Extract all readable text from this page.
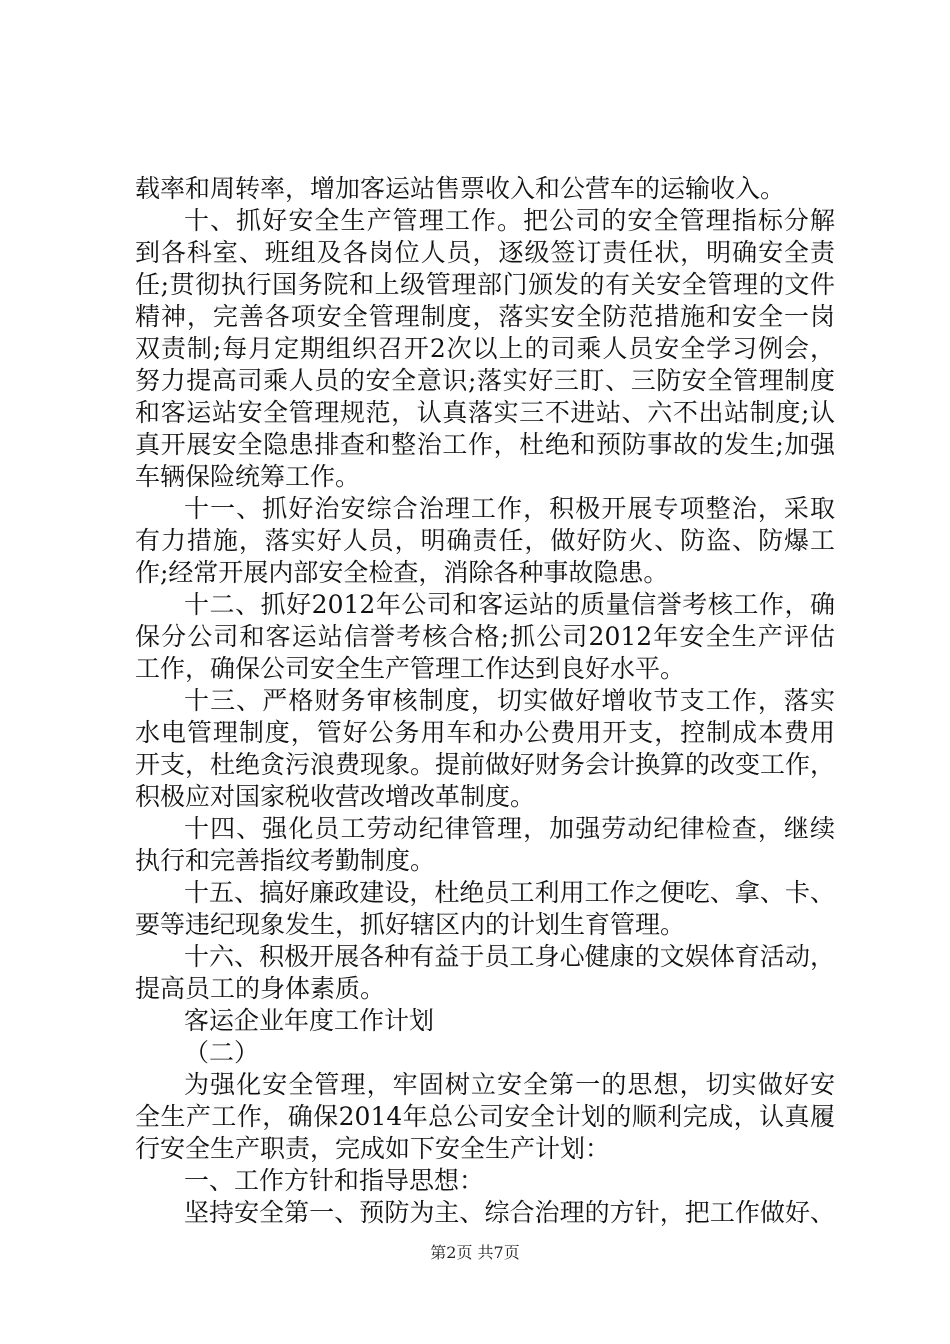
载率和周转率，增加客运站售票收入和公营车的运输收入。
十、抓好安全生产管理工作。把公司的安全管理指标分解
到各科室、班组及各岗位人员，逐级签订责任状，明确安全责
任;贯彻执行国务院和上级管理部门颁发的有关安全管理的文件
精神，完善各项安全管理制度，落实安全防范措施和安全一岗
双责制;每月定期组织召开2次以上的司乘人员安全学习例会，
努力提高司乘人员的安全意识;落实好三盯、三防安全管理制度
和客运站安全管理规范，认真落实三不进站、六不出站制度;认
真开展安全隐患排查和整治工作，杜绝和预防事故的发生;加强
车辆保险统筹工作。
十一、抓好治安综合治理工作，积极开展专项整治，采取
有力措施，落实好人员，明确责任，做好防火、防盗、防爆工
作;经常开展内部安全检查，消除各种事故隐患。
十二、抓好2012年公司和客运站的质量信誉考核工作，确
保分公司和客运站信誉考核合格;抓公司2012年安全生产评估
工作，确保公司安全生产管理工作达到良好水平。
十三、严格财务审核制度，切实做好增收节支工作，落实
水电管理制度，管好公务用车和办公费用开支，控制成本费用
开支，杜绝贪污浪费现象。提前做好财务会计换算的改变工作，
积极应对国家税收营改增改革制度。
十四、强化员工劳动纪律管理，加强劳动纪律检查，继续
执行和完善指纹考勤制度。
十五、搞好廉政建设，杜绝员工利用工作之便吃、拿、卡、
要等违纪现象发生，抓好辖区内的计划生育管理。
十六、积极开展各种有益于员工身心健康的文娱体育活动，
提高员工的身体素质。
客运企业年度工作计划
（二）
为强化安全管理，牢固树立安全第一的思想，切实做好安
全生产工作，确保2014年总公司安全计划的顺利完成，认真履
行安全生产职责，完成如下安全生产计划：
一、工作方针和指导思想：
坚持安全第一、预防为主、综合治理的方针，把工作做好、
第2页 共7页
